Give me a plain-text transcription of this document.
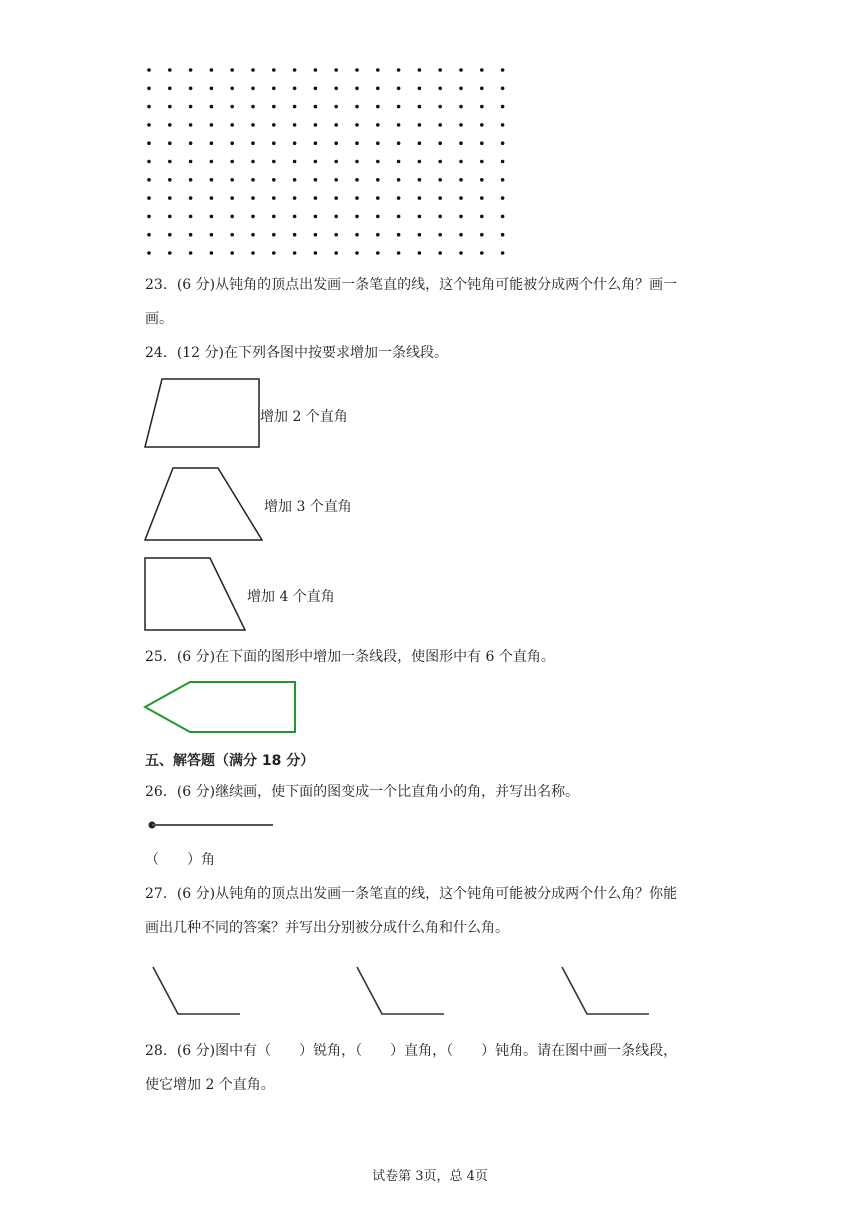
23．(6 分)从钝角的顶点出发画一条笔直的线，这个钝角可能被分成两个什么角？画一
画。
24．(12 分)在下列各图中按要求增加一条线段。
增加 2 个直角
增加 3 个直角
增加 4 个直角
25．(6 分)在下面的图形中增加一条线段，使图形中有 6 个直角。
五、解答题（满分 18 分）
26．(6 分)继续画，使下面的图变成一个比直角小的角，并写出名称。
（　　）角
27．(6 分)从钝角的顶点出发画一条笔直的线，这个钝角可能被分成两个什么角？你能
画出几种不同的答案？并写出分别被分成什么角和什么角。
28．(6 分)图中有（　　）锐角，（　　）直角，（　　）钝角。请在图中画一条线段，
使它增加 2 个直角。
试卷第 3页，总 4页
